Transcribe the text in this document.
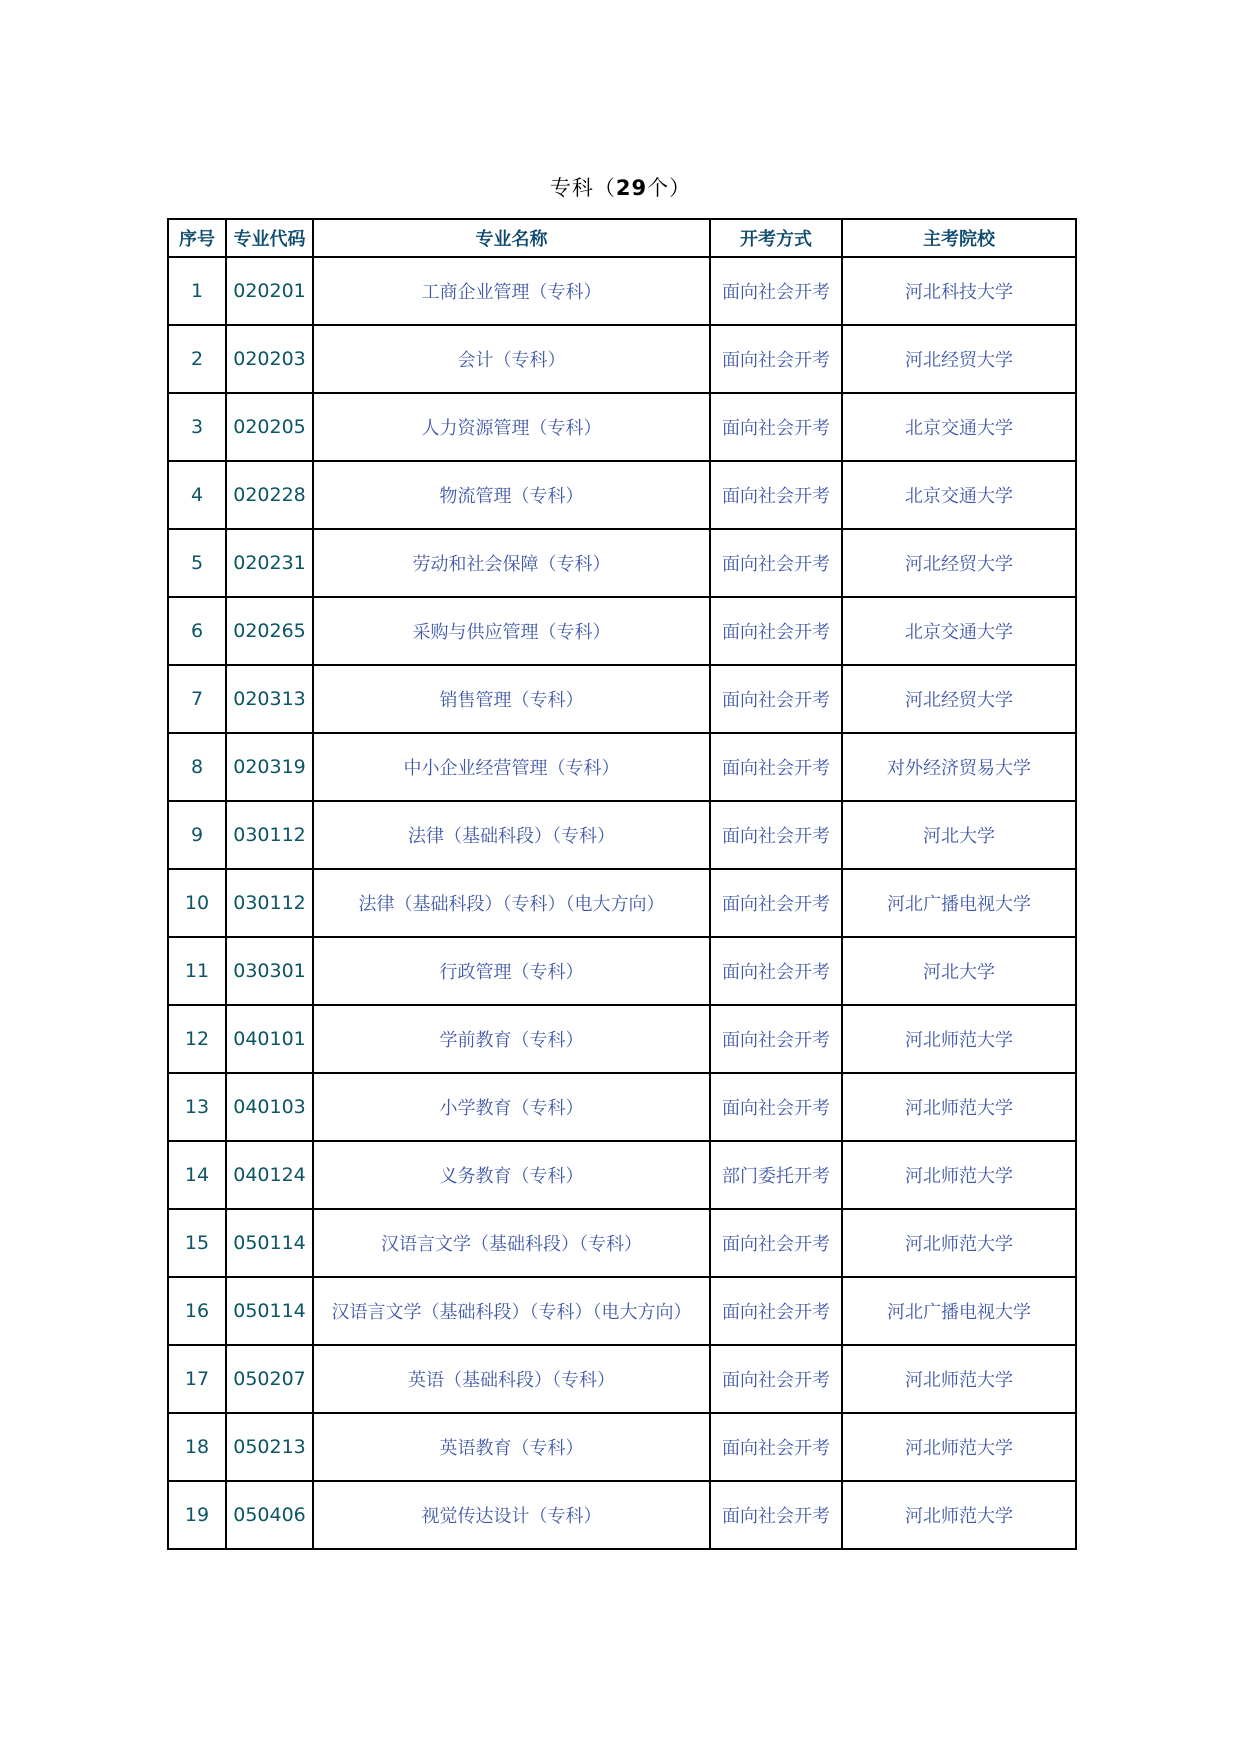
专科（29个）
序号	专业代码	专业名称	开考方式	主考院校
1	020201	工商企业管理（专科）	面向社会开考	河北科技大学
2	020203	会计（专科）	面向社会开考	河北经贸大学
3	020205	人力资源管理（专科）	面向社会开考	北京交通大学
4	020228	物流管理（专科）	面向社会开考	北京交通大学
5	020231	劳动和社会保障（专科）	面向社会开考	河北经贸大学
6	020265	采购与供应管理（专科）	面向社会开考	北京交通大学
7	020313	销售管理（专科）	面向社会开考	河北经贸大学
8	020319	中小企业经营管理（专科）	面向社会开考	对外经济贸易大学
9	030112	法律（基础科段）（专科）	面向社会开考	河北大学
10	030112	法律（基础科段）（专科）（电大方向）	面向社会开考	河北广播电视大学
11	030301	行政管理（专科）	面向社会开考	河北大学
12	040101	学前教育（专科）	面向社会开考	河北师范大学
13	040103	小学教育（专科）	面向社会开考	河北师范大学
14	040124	义务教育（专科）	部门委托开考	河北师范大学
15	050114	汉语言文学（基础科段）（专科）	面向社会开考	河北师范大学
16	050114	汉语言文学（基础科段）（专科）（电大方向）	面向社会开考	河北广播电视大学
17	050207	英语（基础科段）（专科）	面向社会开考	河北师范大学
18	050213	英语教育（专科）	面向社会开考	河北师范大学
19	050406	视觉传达设计（专科）	面向社会开考	河北师范大学
